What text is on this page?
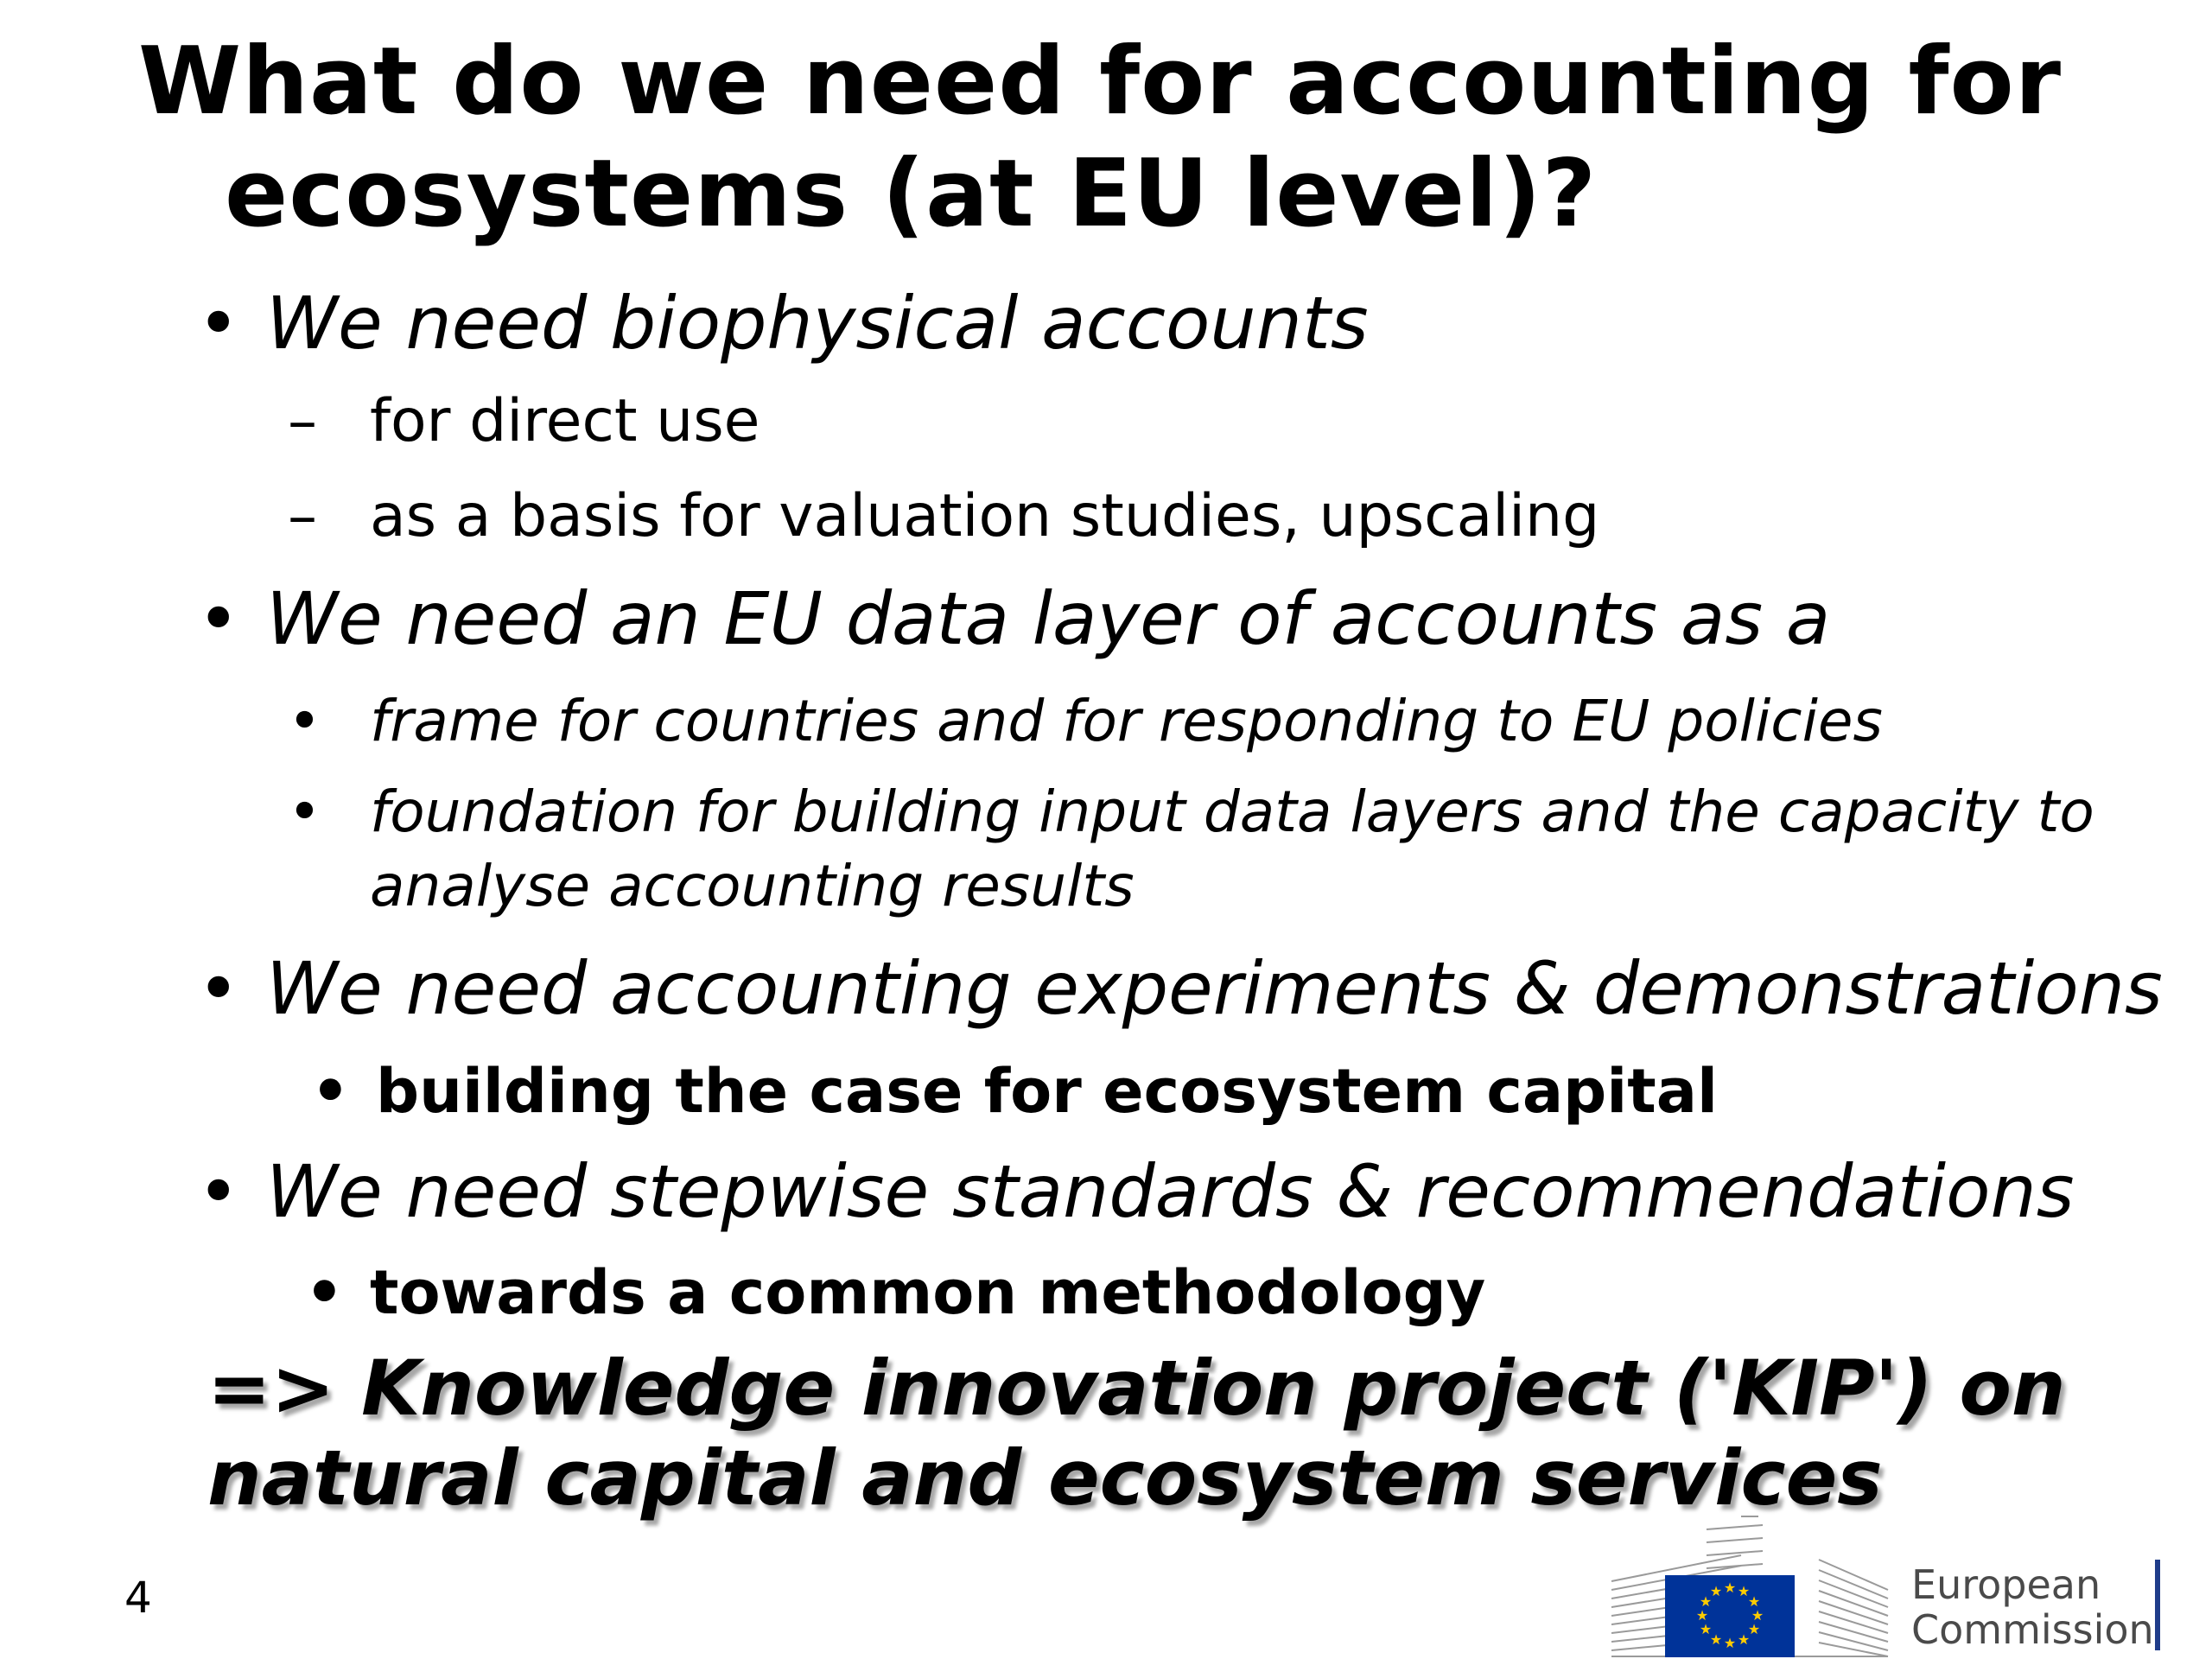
What do we need for accounting for
ecosystems (at EU level)?
• We need biophysical accounts
– for direct use
– as a basis for valuation studies, upscaling
• We need an EU data layer of accounts as a
• frame for countries and for responding to EU policies
• foundation for building input data layers and the capacity to analyse accounting results
• We need accounting experiments & demonstrations
• building the case for ecosystem capital
• We need stepwise standards & recommendations
• towards a common methodology

=> Knowledge innovation project ('KIP') on
natural capital and ecosystem services

4	★ ★
★
★
★
★
★
★
★
★
★
★	European
Commission
